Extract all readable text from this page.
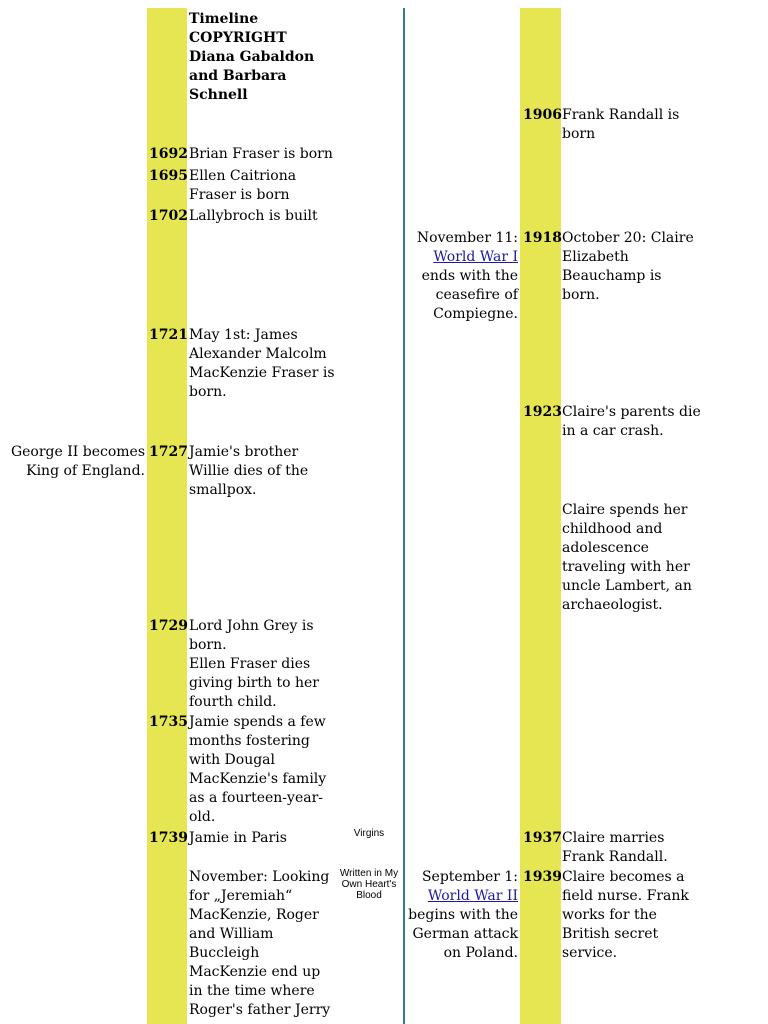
Timeline
COPYRIGHT
Diana Gabaldon
and Barbara
Schnell
1692 Brian Fraser is born
1695 Ellen Caitriona
Fraser is born
1702 Lallybroch is built
1721 May 1st: James
Alexander Malcolm
MacKenzie Fraser is
born.
George II becomes
King of England.
1727 Jamie's brother
Willie dies of the
smallpox.
1729 Lord John Grey is
born.
Ellen Fraser dies
giving birth to her
fourth child.
1735 Jamie spends a few
months fostering
with Dougal
MacKenzie's family
as a fourteen-year-
old.
1739 Jamie in Paris
November: Looking
for „Jeremiah“
MacKenzie, Roger
and William
Buccleigh
MacKenzie end up
in the time where
Roger's father Jerry
Virgins
Written in My
Own Heart's
Blood
1906 Frank Randall is
born
November 11:
World War I
ends with the
ceasefire of
Compiegne.
1918 October 20: Claire
Elizabeth
Beauchamp is
born.
1923 Claire's parents die
in a car crash.
Claire spends her
childhood and
adolescence
traveling with her
uncle Lambert, an
archaeologist.
1937 Claire marries
Frank Randall.
September 1:
World War II
begins with the
German attack
on Poland.
1939 Claire becomes a
field nurse. Frank
works for the
British secret
service.
